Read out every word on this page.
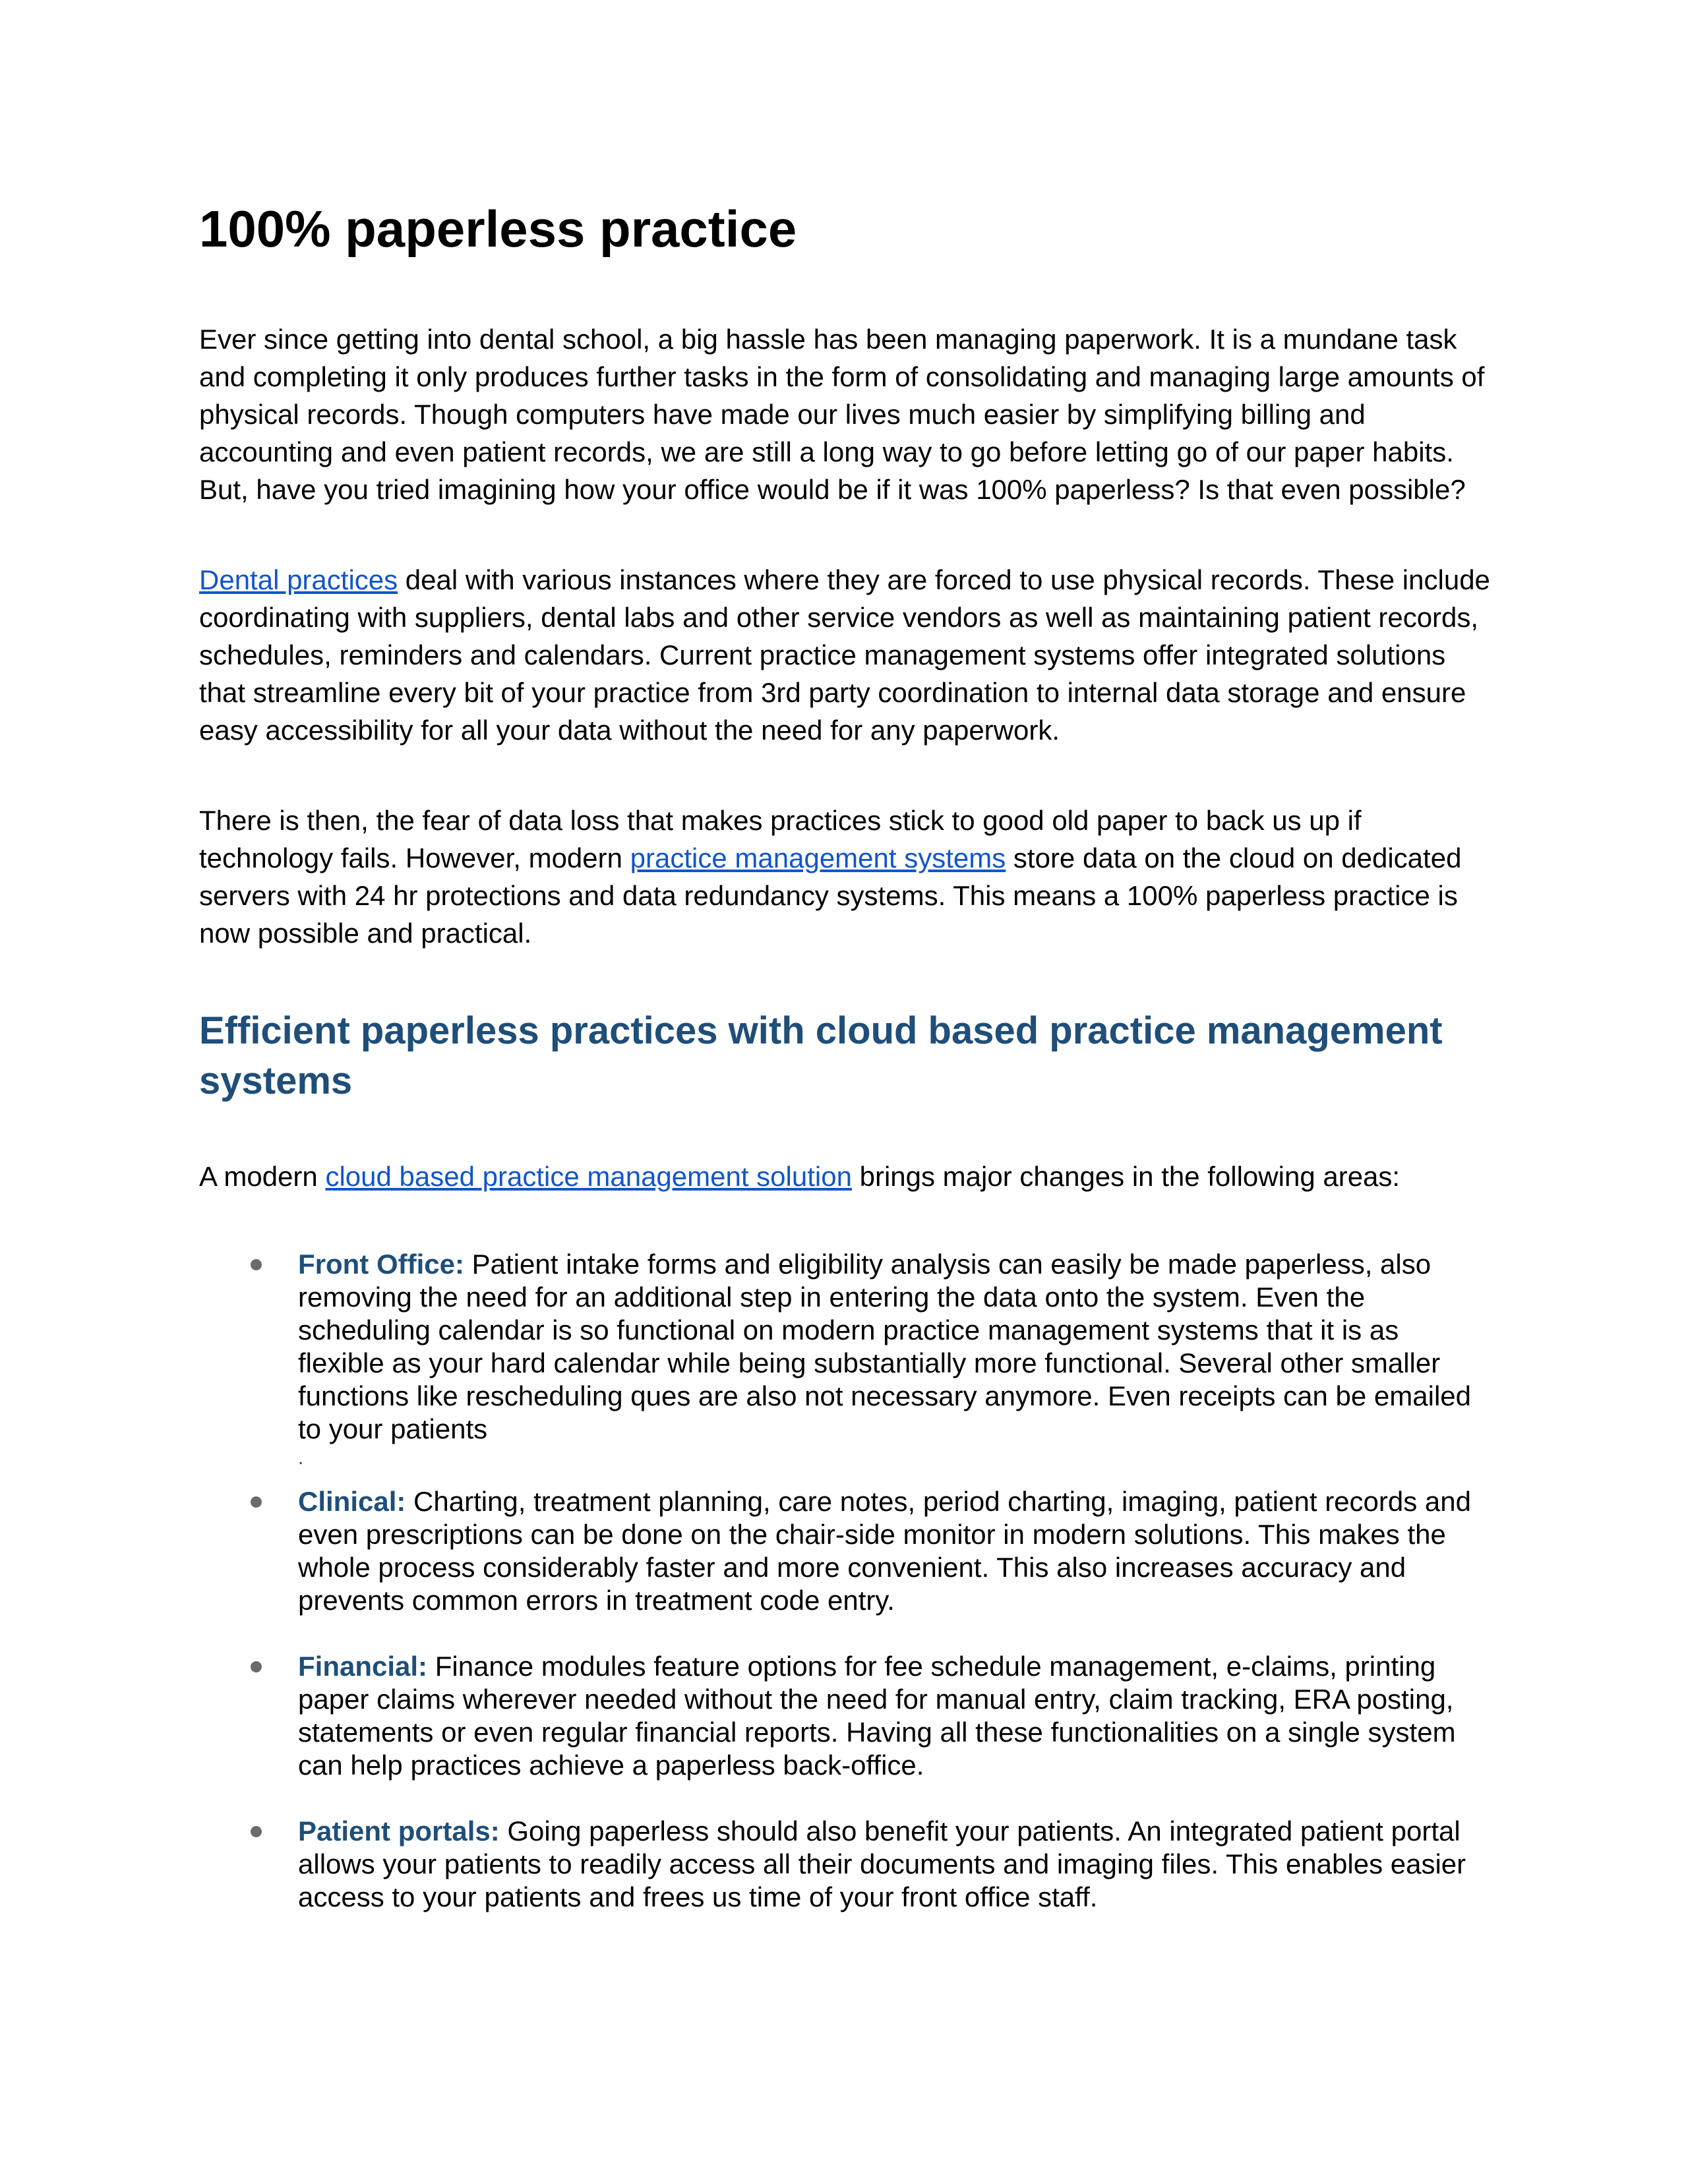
100% paperless practice

Ever since getting into dental school, a big hassle has been managing paperwork. It is a mundane task and completing it only produces further tasks in the form of consolidating and managing large amounts of physical records. Though computers have made our lives much easier by simplifying billing and accounting and even patient records, we are still a long way to go before letting go of our paper habits. But, have you tried imagining how your office would be if it was 100% paperless? Is that even possible?

Dental practices deal with various instances where they are forced to use physical records. These include coordinating with suppliers, dental labs and other service vendors as well as maintaining patient records, schedules, reminders and calendars. Current practice management systems offer integrated solutions that streamline every bit of your practice from 3rd party coordination to internal data storage and ensure easy accessibility for all your data without the need for any paperwork.

There is then, the fear of data loss that makes practices stick to good old paper to back us up if technology fails. However, modern practice management systems store data on the cloud on dedicated servers with 24 hr protections and data redundancy systems. This means a 100% paperless practice is now possible and practical.

Efficient paperless practices with cloud based practice management systems

A modern cloud based practice management solution brings major changes in the following areas:

Front Office: Patient intake forms and eligibility analysis can easily be made paperless, also removing the need for an additional step in entering the data onto the system. Even the scheduling calendar is so functional on modern practice management systems that it is as flexible as your hard calendar while being substantially more functional. Several other smaller functions like rescheduling ques are also not necessary anymore. Even receipts can be emailed to your patients
.
Clinical: Charting, treatment planning, care notes, period charting, imaging, patient records and even prescriptions can be done on the chair-side monitor in modern solutions. This makes the whole process considerably faster and more convenient. This also increases accuracy and prevents common errors in treatment code entry.
Financial: Finance modules feature options for fee schedule management, e-claims, printing paper claims wherever needed without the need for manual entry, claim tracking, ERA posting, statements or even regular financial reports. Having all these functionalities on a single system can help practices achieve a paperless back-office.
Patient portals: Going paperless should also benefit your patients. An integrated patient portal allows your patients to readily access all their documents and imaging files. This enables easier access to your patients and frees us time of your front office staff.
